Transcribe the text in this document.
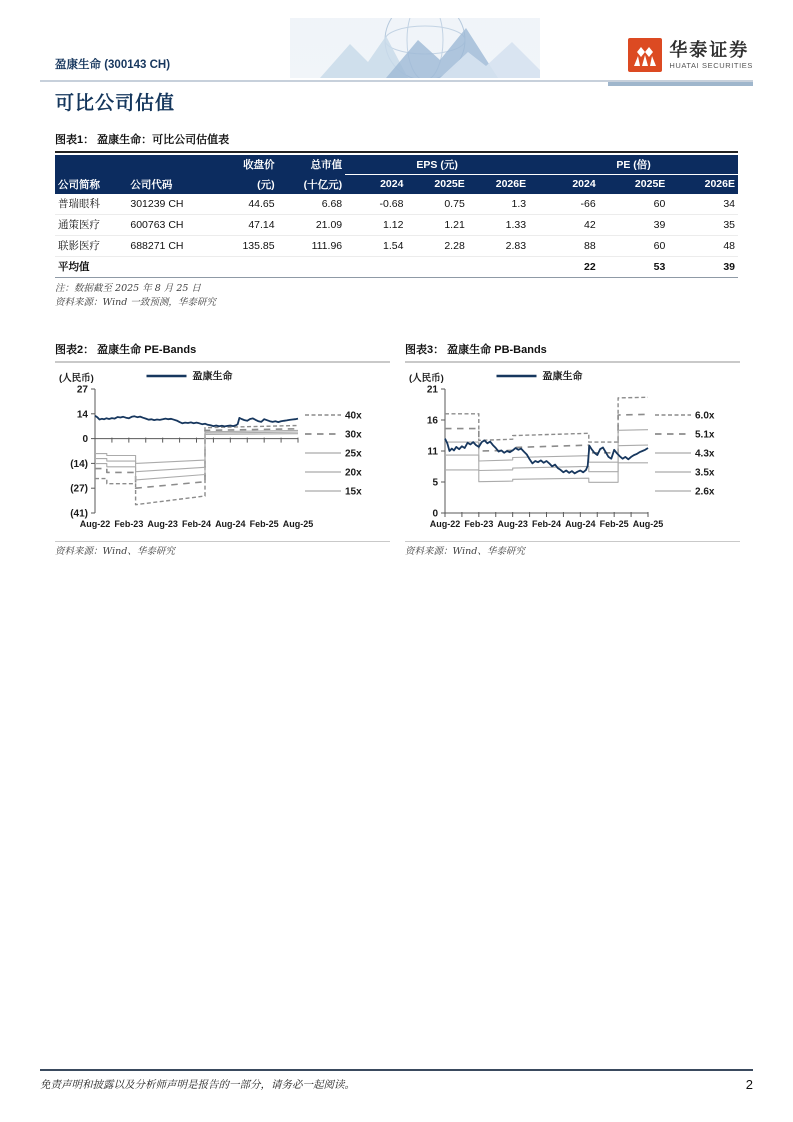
盈康生命 (300143 CH)
华泰证券
HUATAI SECURITIES
可比公司估值
图表1： 盈康生命：可比公司估值表
		收盘价	总市值	EPS (元)			PE (倍)		
公司简称	公司代码	(元)	(十亿元)	2024	2025E	2026E	2024	2025E	2026E
普瑞眼科	301239 CH	44.65	6.68	-0.68	0.75	1.3	-66	60	34
通策医疗	600763 CH	47.14	21.09	1.12	1.21	1.33	42	39	35
联影医疗	688271 CH	135.85	111.96	1.54	2.28	2.83	88	60	48
平均值							22	53	39
注：数据截至 2025 年 8 月 25 日
资料来源：Wind 一致预测，华泰研究
图表2： 盈康生命 PE-Bands
(人民币)
27
14
0
(14)
(27)
(41)
Aug-22 Feb-23 Aug-23 Feb-24 Aug-24 Feb-25 Aug-25
盈康生命
40x
30x
25x
20x
15x
资料来源：Wind、华泰研究
图表3： 盈康生命 PB-Bands
(人民币)
21
16
11
5
0
Aug-22 Feb-23 Aug-23 Feb-24 Aug-24 Feb-25 Aug-25
盈康生命
6.0x
5.1x
4.3x
3.5x
2.6x
资料来源：Wind、华泰研究
免责声明和披露以及分析师声明是报告的一部分，请务必一起阅读。	2
